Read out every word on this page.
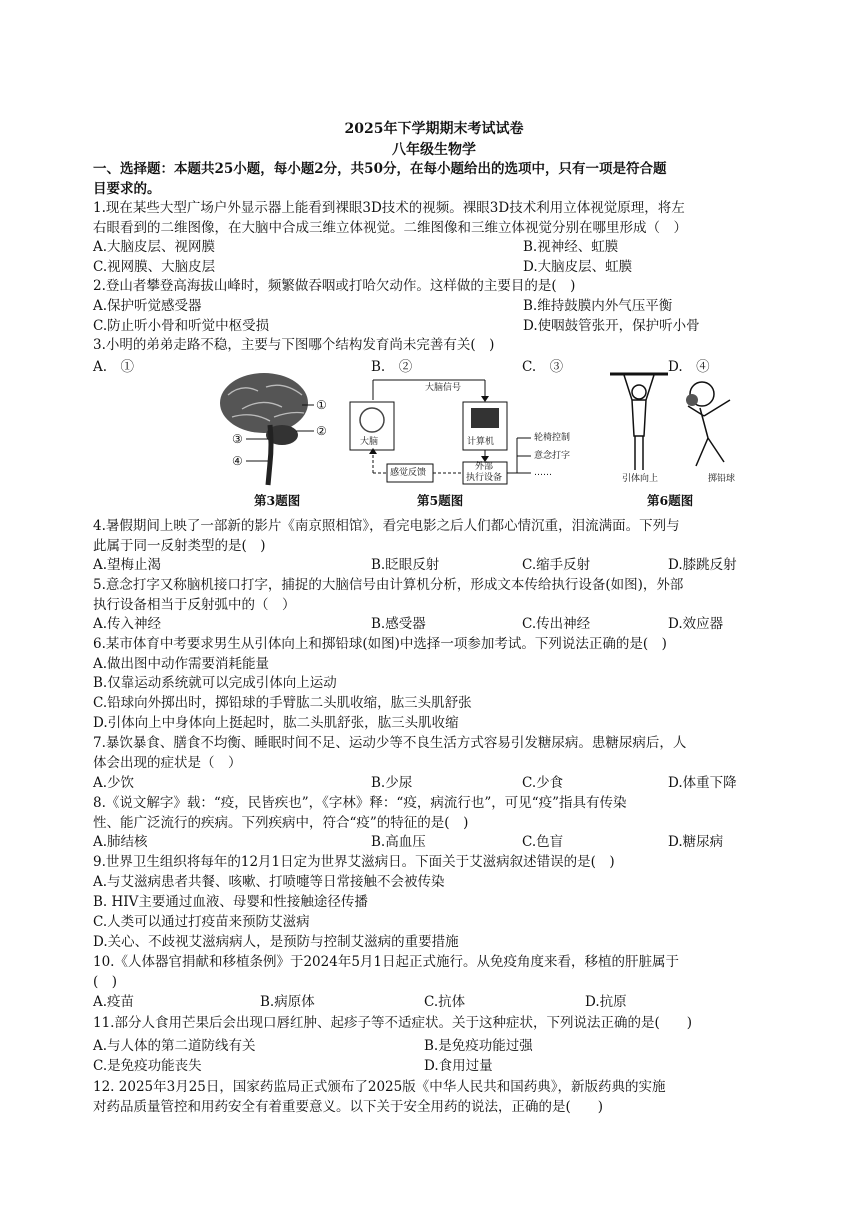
2025年下学期期末考试试卷
八年级生物学
一、选择题：本题共25小题，每小题2分，共50分，在每小题给出的选项中，只有一项是符合题
目要求的。
1.现在某些大型广场户外显示器上能看到裸眼3D技术的视频。裸眼3D技术利用立体视觉原理，将左
右眼看到的二维图像，在大脑中合成三维立体视觉。二维图像和三维立体视觉分别在哪里形成（　）
A.大脑皮层、视网膜	B.视神经、虹膜
C.视网膜、大脑皮层	D.大脑皮层、虹膜
2.登山者攀登高海拔山峰时，频繁做吞咽或打哈欠动作。这样做的主要目的是(　)
A.保护听觉感受器	B.维持鼓膜内外气压平衡
C.防止听小骨和听觉中枢受损	D.使咽鼓管张开，保护听小骨
3.小明的弟弟走路不稳，主要与下图哪个结构发育尚未完善有关(　)
A.　①	B.　②	C.　③	D.　④
①
②
③
④
第3题图
大脑信号
大脑	计算机
感觉反馈
外部
执行设备
轮椅控制
意念打字
……
第5题图
引体向上	掷铅球
第6题图
4.暑假期间上映了一部新的影片《南京照相馆》，看完电影之后人们都心情沉重，泪流满面。下列与
此属于同一反射类型的是(　)
A.望梅止渴	B.眨眼反射	C.缩手反射	D.膝跳反射
5.意念打字又称脑机接口打字，捕捉的大脑信号由计算机分析，形成文本传给执行设备(如图)，外部
执行设备相当于反射弧中的（　）
A.传入神经	B.感受器	C.传出神经	D.效应器
6.某市体育中考要求男生从引体向上和掷铅球(如图)中选择一项参加考试。下列说法正确的是(　)
A.做出图中动作需要消耗能量
B.仅靠运动系统就可以完成引体向上运动
C.铅球向外掷出时，掷铅球的手臂肱二头肌收缩，肱三头肌舒张
D.引体向上中身体向上挺起时，肱二头肌舒张，肱三头肌收缩
7.暴饮暴食、膳食不均衡、睡眠时间不足、运动少等不良生活方式容易引发糖尿病。患糖尿病后，人
体会出现的症状是（　）
A.少饮	B.少尿	C.少食	D.体重下降
8.《说文解字》载：“疫，民皆疾也”，《字林》释：“疫，病流行也”，可见“疫”指具有传染
性、能广泛流行的疾病。下列疾病中，符合“疫”的特征的是(　)
A.肺结核	B.高血压	C.色盲	D.糖尿病
9.世界卫生组织将每年的12月1日定为世界艾滋病日。下面关于艾滋病叙述错误的是(　)
A.与艾滋病患者共餐、咳嗽、打喷嚏等日常接触不会被传染
B. HIV主要通过血液、母婴和性接触途径传播
C.人类可以通过打疫苗来预防艾滋病
D.关心、不歧视艾滋病病人，是预防与控制艾滋病的重要措施
10.《人体器官捐献和移植条例》于2024年5月1日起正式施行。从免疫角度来看，移植的肝脏属于
(　)
A.疫苗	B.病原体	C.抗体	D.抗原
11.部分人食用芒果后会出现口唇红肿、起疹子等不适症状。关于这种症状，下列说法正确的是(　　)
A.与人体的第二道防线有关	B.是免疫功能过强
C.是免疫功能丧失	D.食用过量
12. 2025年3月25日，国家药监局正式颁布了2025版《中华人民共和国药典》，新版药典的实施
对药品质量管控和用药安全有着重要意义。以下关于安全用药的说法，正确的是(　　)
